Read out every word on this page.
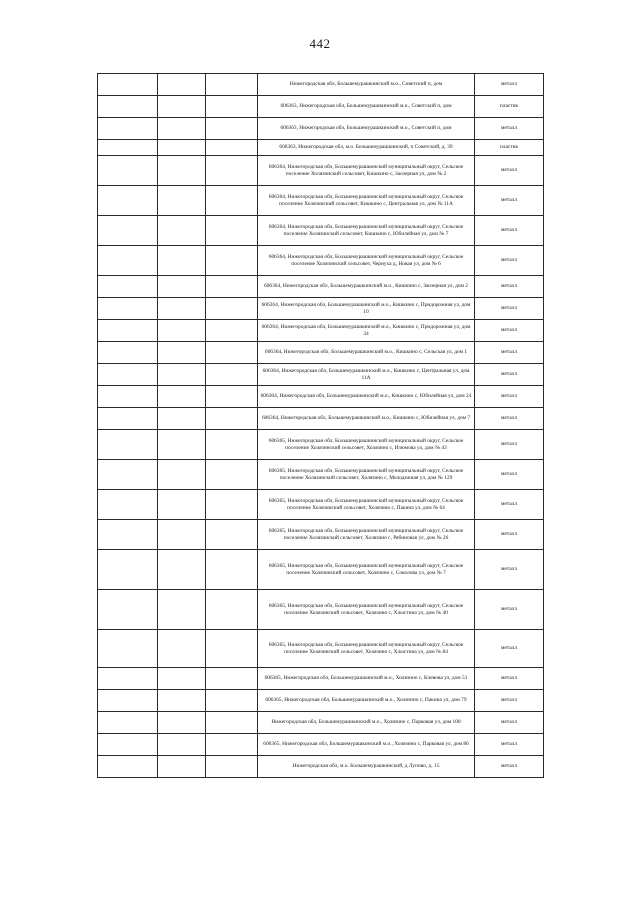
442

			Нижегородская обл, Большемурашкинский м.о., Советский п, дом	металл

			606363, Нижегородская обл, Большемурашкинский м.о., Советский п, дом	пластик

			606363, Нижегородская обл, Большемурашкинский м.о., Советский п, дом	металл

			606363, Нижегородская обл, м.о. Большемурашкинский, п Советский, д. 39	пластик

			606364, Нижегородская обл, Большемурашкинский муниципальный округ, Сельское поселение Холязинский сельсовет, Кишкино с, Заозерная ул, дом № 2	металл

			606364, Нижегородская обл, Большемурашкинский муниципальный округ, Сельское поселение Холязинский сельсовет, Кишкино с, Центральная ул, дом № 11А	металл

			606364, Нижегородская обл, Большемурашкинский муниципальный округ, Сельское поселение Холязинский сельсовет, Кишкино с, Юбилейная ул, дом № 7	металл

			606364, Нижегородская обл, Большемурашкинский муниципальный округ, Сельское поселение Холязинский сельсовет, Чернуха д, Новая ул, дом № 6	металл

			606364, Нижегородская обл, Большемурашкинский м.о., Кишкино с, Заозерная ул, дом 2	металл

			606364, Нижегородская обл, Большемурашкинский м.о., Кишкино с, Придорожная ул, дом 10	металл

			606364, Нижегородская обл, Большемурашкинский м.о., Кишкино с, Придорожная ул, дом 34	металл

			606364, Нижегородская обл, Большемурашкинский м.о., Кишкино с, Сельская ул, дом 1	металл

			606364, Нижегородская обл, Большемурашкинский м.о., Кишкино с, Центральная ул, дом 11А	металл

			606364, Нижегородская обл, Большемурашкинский м.о., Кишкино с, Юбилейная ул, дом 24	металл

			606364, Нижегородская обл, Большемурашкинский м.о., Кишкино с, Юбилейная ул, дом 7	металл

			606365, Нижегородская обл, Большемурашкинский муниципальный округ, Сельское поселение Холязинский сельсовет, Холязино с, Изюмова ул, дом № 43	металл

			606365, Нижегородская обл, Большемурашкинский муниципальный округ, Сельское поселение Холязинский сельсовет, Холязино с, Молодежная ул, дом № 129	металл

			606365, Нижегородская обл, Большемурашкинский муниципальный округ, Сельское поселение Холязинский сельсовет, Холязино с, Пакина ул, дом № 64	металл

			606365, Нижегородская обл, Большемурашкинский муниципальный округ, Сельское поселение Холязинский сельсовет, Холязино с, Рябиновая ул, дом № 26	металл

			606365, Нижегородская обл, Большемурашкинский муниципальный округ, Сельское поселение Холязинский сельсовет, Холязино с, Соколова ул, дом № 7	металл

			606365, Нижегородская обл, Большемурашкинский муниципальный округ, Сельское поселение Холязинский сельсовет, Холязино с, Хлыстина ул, дом № 40	металл

			606365, Нижегородская обл, Большемурашкинский муниципальный округ, Сельское поселение Холязинский сельсовет, Холязино с, Хлыстина ул, дом № 84	металл

			606365, Нижегородская обл, Большемурашкинский м.о., Холязино с, Клевова ул, дом 51	металл

			606365, Нижегородская обл, Большемурашкинский м.о., Холязино с, Пакина ул, дом 79	металл

			Нижегородская обл, Большемурашкинский м.о., Холязино с, Парковая ул, дом 108	металл

			606365, Нижегородская обл, Большемурашкинский м.о., Холязино с, Парковая ул, дом 86	металл

			Нижегородская обл, м.о. Большемурашкинский, д Лупово, д. 15	металл
